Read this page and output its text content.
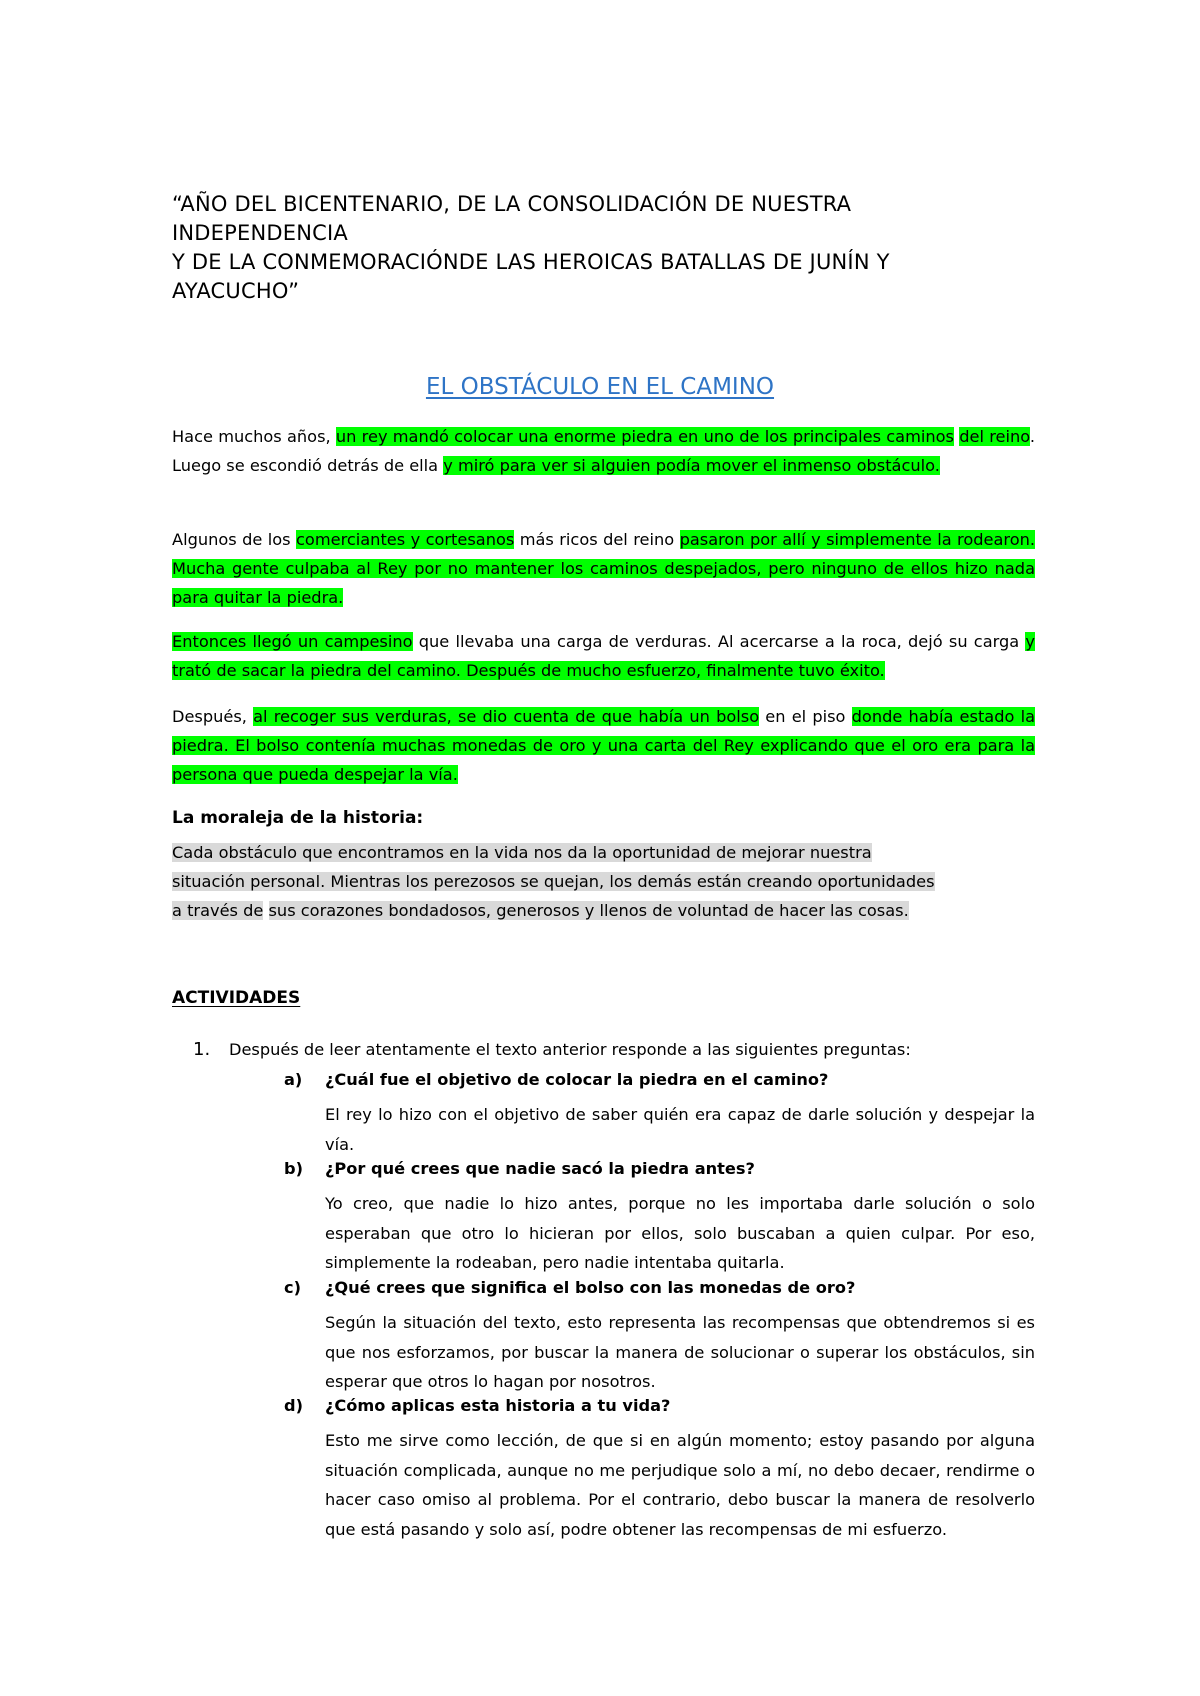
“AÑO DEL BICENTENARIO, DE LA CONSOLIDACIÓN DE NUESTRA
INDEPENDENCIA
Y DE LA CONMEMORACIÓNDE LAS HEROICAS BATALLAS DE JUNÍN Y
AYACUCHO”
EL OBSTÁCULO EN EL CAMINO
Hace muchos años, un rey mandó colocar una enorme piedra en uno de los principales caminos del reino. Luego se escondió detrás de ella y miró para ver si alguien podía mover el inmenso obstáculo.
Algunos de los comerciantes y cortesanos más ricos del reino pasaron por allí y simplemente la rodearon. Mucha gente culpaba al Rey por no mantener los caminos despejados, pero ninguno de ellos hizo nada para quitar la piedra.
Entonces llegó un campesino que llevaba una carga de verduras. Al acercarse a la roca, dejó su carga y trató de sacar la piedra del camino. Después de mucho esfuerzo, finalmente tuvo éxito.
Después, al recoger sus verduras, se dio cuenta de que había un bolso en el piso donde había estado la piedra. El bolso contenía muchas monedas de oro y una carta del Rey explicando que el oro era para la persona que pueda despejar la vía.
La moraleja de la historia:
Cada obstáculo que encontramos en la vida nos da la oportunidad de mejorar nuestra
situación personal. Mientras los perezosos se quejan, los demás están creando oportunidades
a través de sus corazones bondadosos, generosos y llenos de voluntad de hacer las cosas.
ACTIVIDADES
1. Después de leer atentamente el texto anterior responde a las siguientes preguntas:
a) ¿Cuál fue el objetivo de colocar la piedra en el camino?
El rey lo hizo con el objetivo de saber quién era capaz de darle solución y despejar la vía.
b) ¿Por qué crees que nadie sacó la piedra antes?
Yo creo, que nadie lo hizo antes, porque no les importaba darle solución o solo esperaban que otro lo hicieran por ellos, solo buscaban a quien culpar. Por eso, simplemente la rodeaban, pero nadie intentaba quitarla.
c) ¿Qué crees que significa el bolso con las monedas de oro?
Según la situación del texto, esto representa las recompensas que obtendremos si es que nos esforzamos, por buscar la manera de solucionar o superar los obstáculos, sin esperar que otros lo hagan por nosotros.
d) ¿Cómo aplicas esta historia a tu vida?
Esto me sirve como lección, de que si en algún momento; estoy pasando por alguna situación complicada, aunque no me perjudique solo a mí, no debo decaer, rendirme o hacer caso omiso al problema. Por el contrario, debo buscar la manera de resolverlo que está pasando y solo así, podre obtener las recompensas de mi esfuerzo.
